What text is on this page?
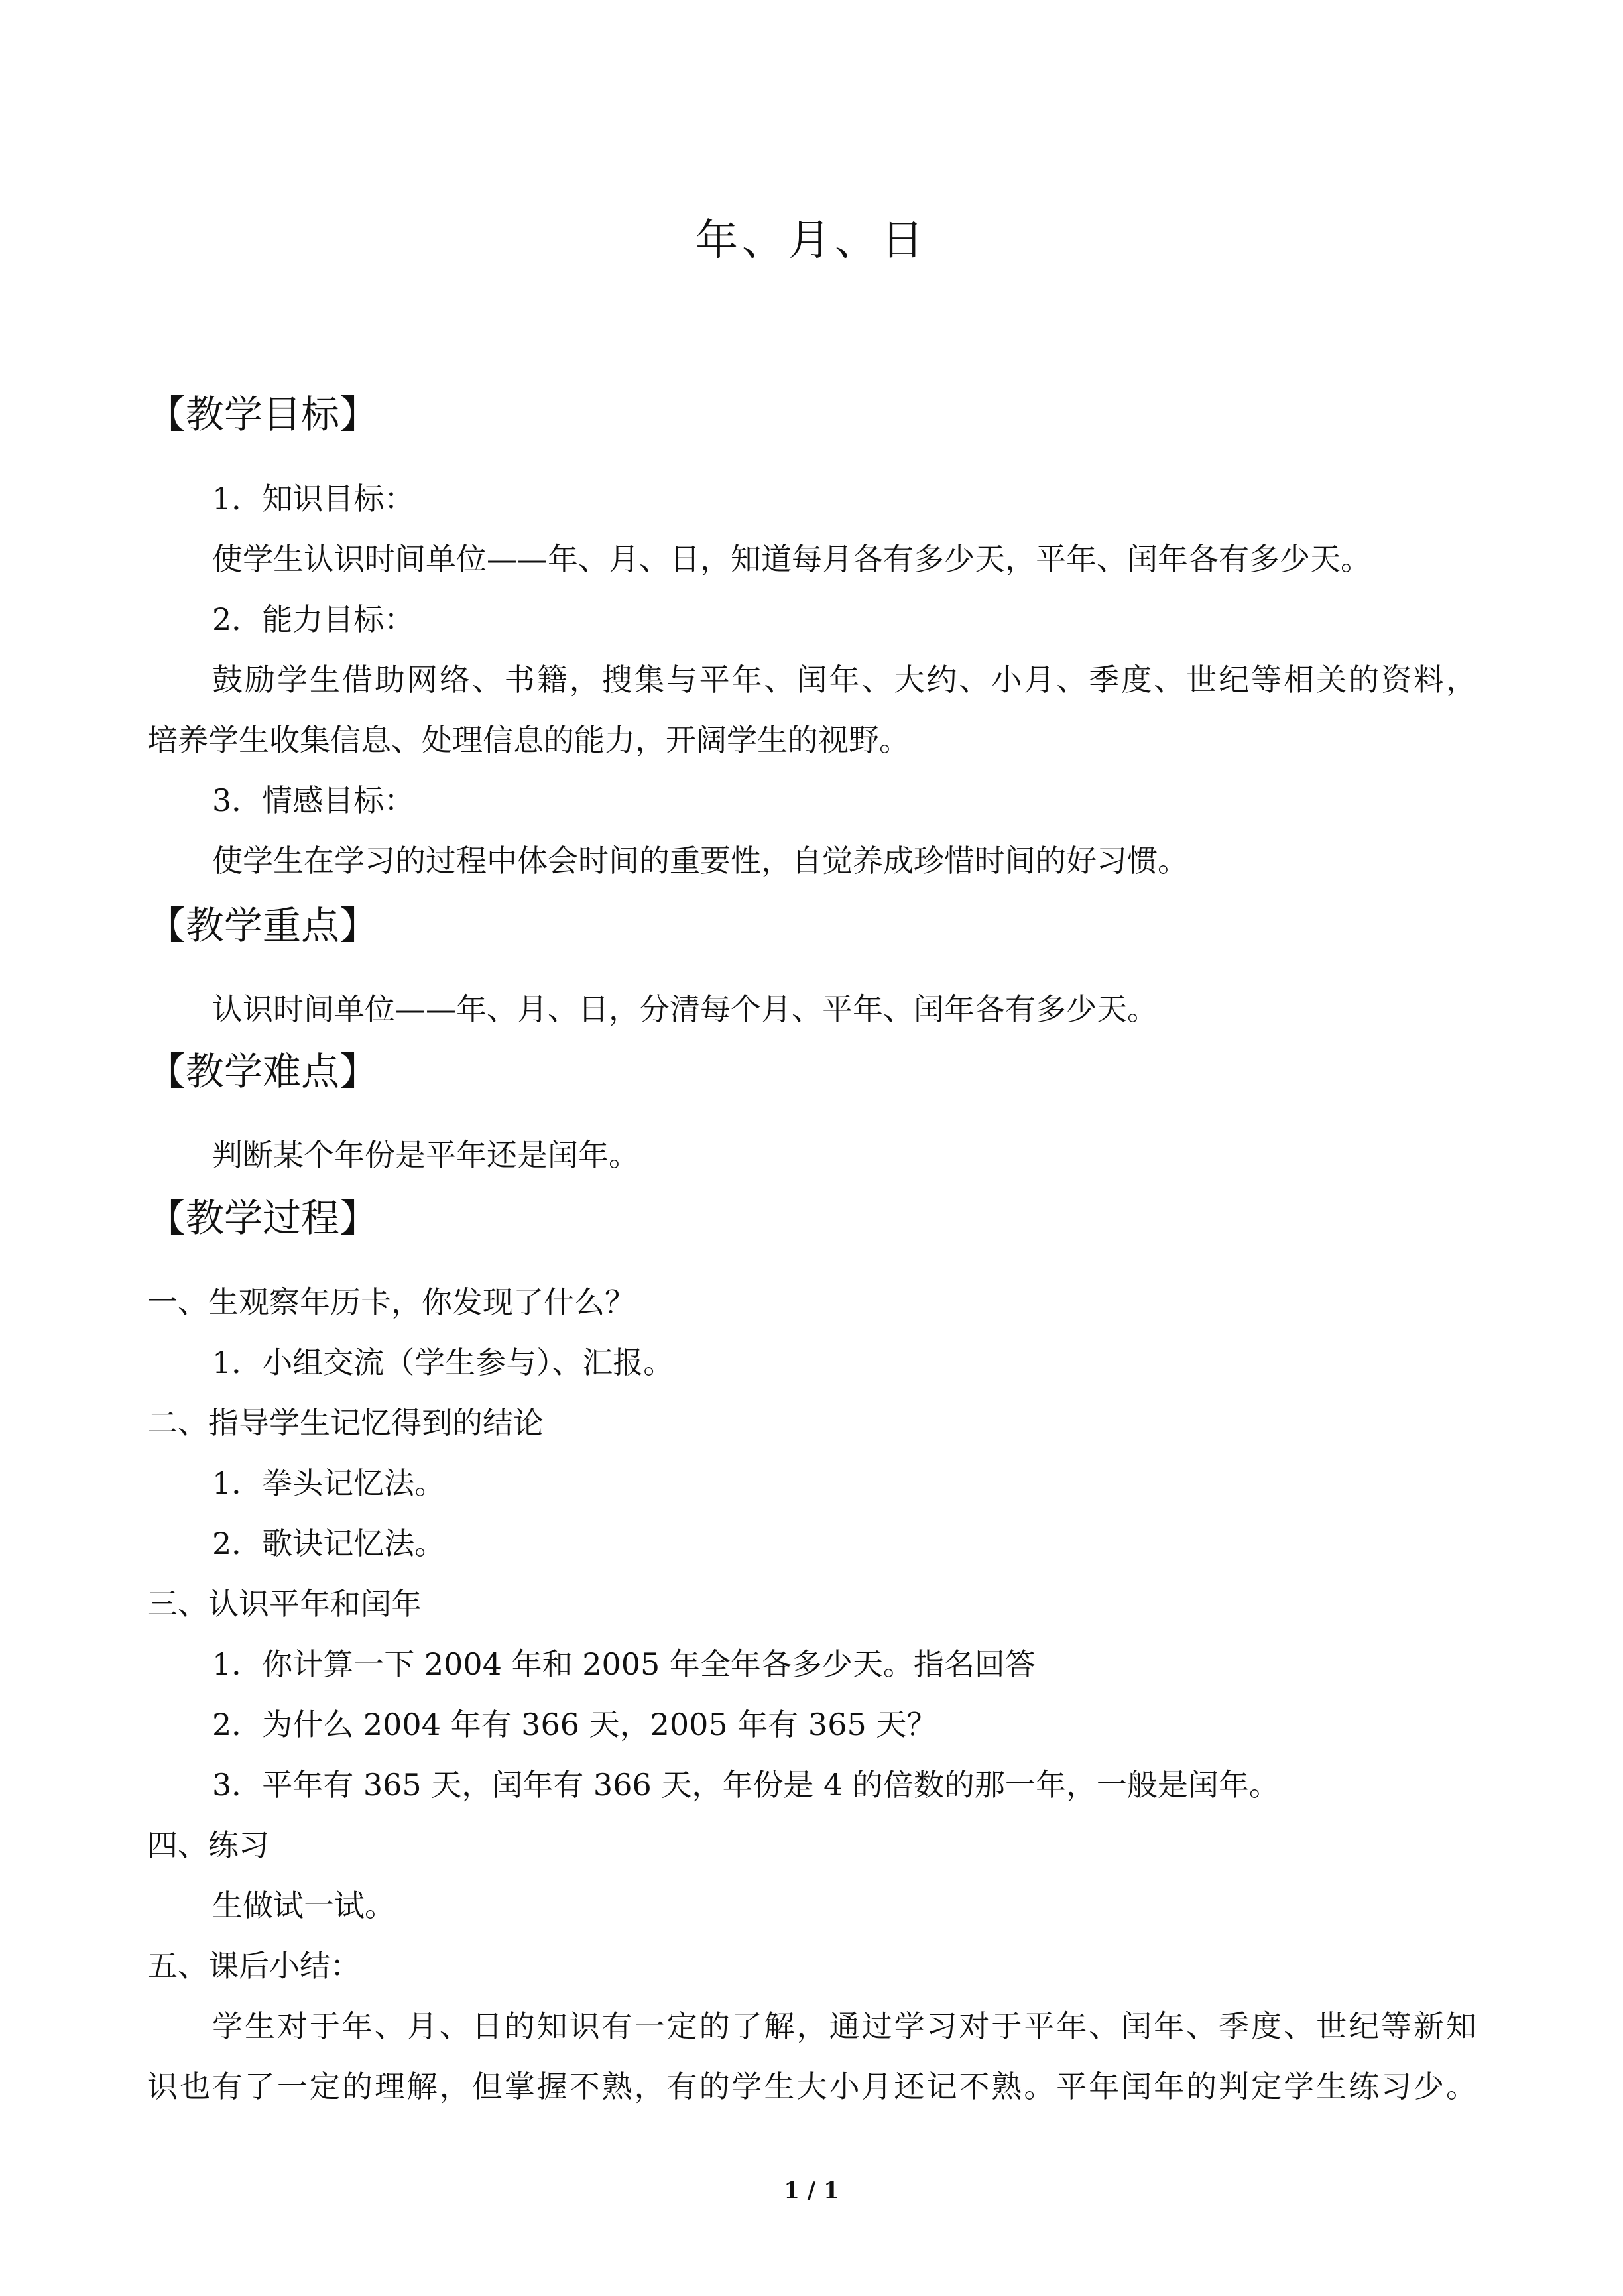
年、月、日
【教学目标】
1．知识目标：
使学生认识时间单位——年、月、日，知道每月各有多少天，平年、闰年各有多少天。
2．能力目标：
鼓励学生借助网络、书籍，搜集与平年、闰年、大约、小月、季度、世纪等相关的资料，
培养学生收集信息、处理信息的能力，开阔学生的视野。
3．情感目标：
使学生在学习的过程中体会时间的重要性，自觉养成珍惜时间的好习惯。
【教学重点】
认识时间单位——年、月、日，分清每个月、平年、闰年各有多少天。
【教学难点】
判断某个年份是平年还是闰年。
【教学过程】
一、生观察年历卡，你发现了什么？
1．小组交流（学生参与）、汇报。
二、指导学生记忆得到的结论
1．拳头记忆法。
2．歌诀记忆法。
三、认识平年和闰年
1．你计算一下 2004 年和 2005 年全年各多少天。指名回答
2．为什么 2004 年有 366 天，2005 年有 365 天？
3．平年有 365 天，闰年有 366 天，年份是 4 的倍数的那一年，一般是闰年。
四、练习
生做试一试。
五、课后小结：
学生对于年、月、日的知识有一定的了解，通过学习对于平年、闰年、季度、世纪等新知
识也有了一定的理解，但掌握不熟，有的学生大小月还记不熟。平年闰年的判定学生练习少。
1 / 1
